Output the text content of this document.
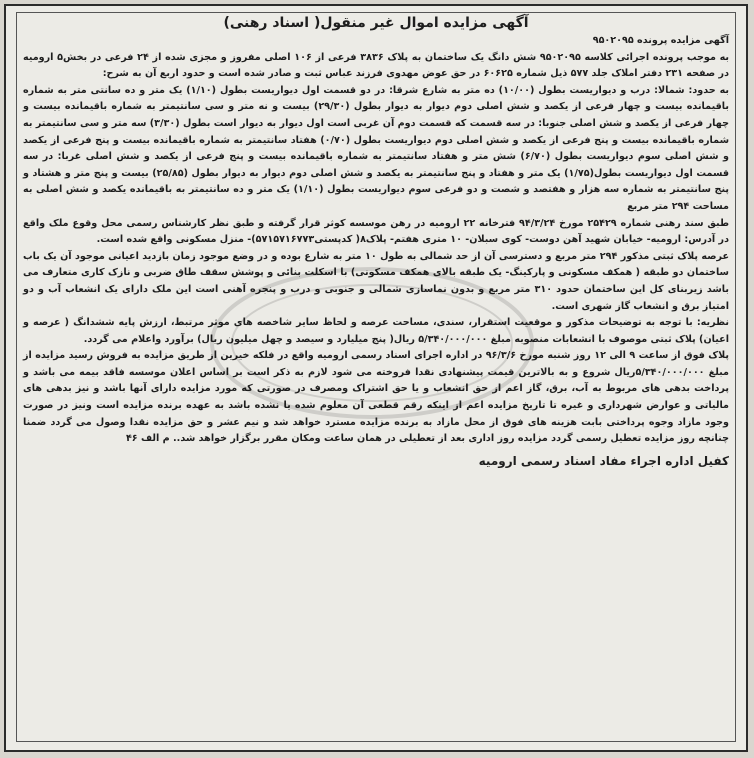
آگهی مزایده اموال غیر منقول( اسناد رهنی)

آگهی مزایده پرونده ۹۵۰۲۰۹۵

به موجب پرونده اجرائی کلاسه ۹۵۰۲۰۹۵ شش دانگ یک ساختمان به پلاک ۳۸۳۶ فرعی از ۱۰۶ اصلی مفروز و مجزی شده از ۲۴ فرعی در بخش۵ ارومیه در صفحه ۲۳۱ دفتر املاک جلد ۵۷۷ ذیل شماره ۶۰۶۲۵ در حق عوض مهدوی فرزند عباس ثبت و صادر شده است و حدود اربع آن به شرح:

به حدود: شمالا: درب و دیواریست بطول (۱۰/۰۰) ده متر به شارع شرقا: در دو قسمت اول دیواریست بطول (۱/۱۰) یک متر و ده سانتی متر به شماره باقیمانده بیست و چهار فرعی از یکصد و شش اصلی دوم دیوار به دیوار بطول (۲۹/۳۰) بیست و نه متر و سی سانتیمتر به شماره باقیمانده بیست و چهار فرعی از یکصد و شش اصلی جنوبا: در سه قسمت که قسمت دوم آن غربی است اول دیوار به دیوار است بطول (۳/۳۰) سه متر و سی سانتیمتر به شماره باقیمانده بیست و پنج فرعی از یکصد و شش اصلی دوم دیواریست بطول (۰/۷۰) هفتاد سانتیمتر به شماره باقیمانده بیست و پنج فرعی از یکصد و شش اصلی سوم دیواریست بطول (۶/۷۰) شش متر و هفتاد سانتیمتر به شماره باقیمانده بیست و پنج فرعی از یکصد و شش اصلی غربا: در سه قسمت اول دیواریست بطول(۱/۷۵) یک متر و هفتاد و پنج سانتیمتر به یکصد و شش اصلی دوم دیوار به دیوار بطول (۲۵/۸۵) بیست و پنج متر و هشتاد و پنج سانتیمتر به شماره سه هزار و هفتصد و شصت و دو فرعی سوم دیواریست بطول (۱/۱۰) یک متر و ده سانتیمتر به باقیمانده یکصد و شش اصلی به مساحت ۲۹۴ متر مربع

طبق سند رهنی شماره ۲۵۴۲۹ مورخ ۹۴/۳/۲۴ فترخانه ۲۲ ارومیه در رهن موسسه کوثر قرار گرفته و طبق نظر کارشناس رسمی محل وقوع ملک واقع در آدرس: ارومیه- خیابان شهید آهن دوست- کوی سبلان- ۱۰ متری هفتم- پلاک۸( کدپستی۵۷۱۵۷۱۶۷۷۳)- منزل مسکونی واقع شده است.

عرصه پلاک ثبتی مذکور ۲۹۴ متر مربع و دسترسی آن از حد شمالی به طول ۱۰ متر به شارع بوده و در وضع موجود زمان بازدید اعیانی موجود آن یک باب ساختمان دو طبقه ( همکف مسکونی و پارکینگ- یک طبقه بالای همکف مسکونی) با اسکلت بنائی و پوشش سقف طاق ضربی و نازک کاری متعارف می باشد زیربنای کل این ساختمان حدود ۳۱۰ متر مربع و بدون نماسازی شمالی و جنوبی و درب و پنجره آهنی است این ملک دارای یک انشعاب آب و دو امتیاز برق و انشعاب گاز شهری است.

نظریه: با توجه به توضیحات مذکور و موقعیت استقرار، سندی، مساحت عرصه و لحاظ سایر شاخصه های موثر مرتبط، ارزش پایه ششدانگ ( عرصه و اعیان) پلاک ثبتی موصوف با انشعابات منصوبه مبلغ ۵/۳۴۰/۰۰۰/۰۰۰ ریال( پنج میلیارد و سیصد و چهل میلیون ریال) برآورد واعلام می گردد.

پلاک فوق از ساعت ۹ الی ۱۲ روز شنبه مورخ ۹۶/۳/۶ در اداره اجرای اسناد رسمی ارومیه واقع در فلکه خیرین از طریق مزایده به فروش رسید مزایده از مبلغ ۵/۳۴۰/۰۰۰/۰۰۰ریال شروع و به بالاترین قیمت پیشنهادی نقدا فروخته می شود لازم به ذکر است بر اساس اعلان موسسه فاقد بیمه می باشد و پرداخت بدهی های مربوط به آب، برق، گاز اعم از حق انشعاب و یا حق اشتراک ومصرف در صورتی که مورد مزایده دارای آنها باشد و نیز بدهی های مالیاتی و عوارض شهرداری و غیره تا تاریخ مزایده اعم از اینکه رقم قطعی آن معلوم شده یا نشده باشد به عهده برنده مزایده است ونیز در صورت وجود مازاد وجوه پرداختی بابت هزینه های فوق از محل مازاد به برنده مزایده مسترد خواهد شد و نیم عشر و حق مزایده نقدا وصول می گردد ضمنا چنانچه روز مزایده تعطیل رسمی گردد مزایده روز اداری بعد از تعطیلی در همان ساعت ومکان مقرر برگزار خواهد شد.. م الف ۴۶

کفیل اداره اجراء مفاد اسناد رسمی ارومیه
